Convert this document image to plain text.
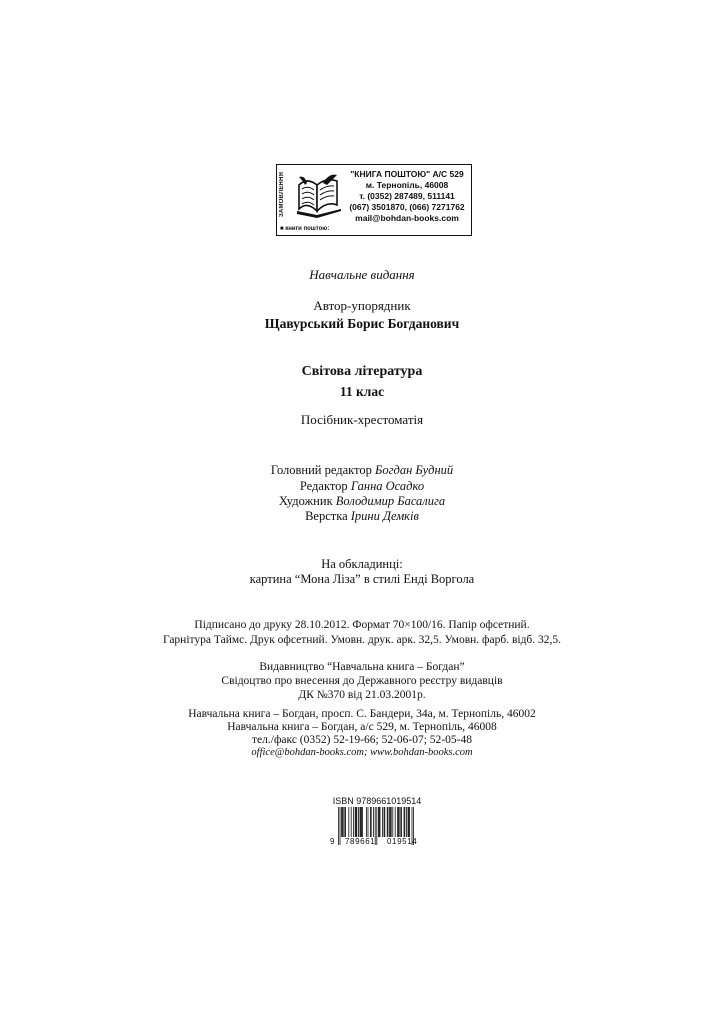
ЗАМОВЛЕННЯ
■ книги поштою:
"КНИГА ПОШТОЮ" А/С 529
м. Тернопіль, 46008
т. (0352) 287489, 511141
(067) 3501870, (066) 7271762
mail@bohdan-books.com
Навчальне видання
Автор-упорядник
Щавурський Борис Богданович
Світова література
11 клас
Посібник-хрестоматія
Головний редактор Богдан Будний
Редактор Ганна Осадко
Художник Володимир Басалига
Верстка Ірини Демків
На обкладинці:
картина “Мона Ліза” в стилі Енді Воргола
Підписано до друку 28.10.2012. Формат 70×100/16. Папір офсетний.
Гарнітура Таймс. Друк офсетний. Умовн. друк. арк. 32,5. Умовн. фарб. відб. 32,5.
Видавництво “Навчальна книга – Богдан”
Свідоцтво про внесення до Державного реєстру видавців
ДК №370 від 21.03.2001р.
Навчальна книга – Богдан, просп. С. Бандери, 34а, м. Тернопіль, 46002
Навчальна книга – Богдан, а/с 529, м. Тернопіль, 46008
тел./факс (0352) 52-19-66; 52-06-07; 52-05-48
office@bohdan-books.com; www.bohdan-books.com
ISBN 9789661019514
9 789661 019514
